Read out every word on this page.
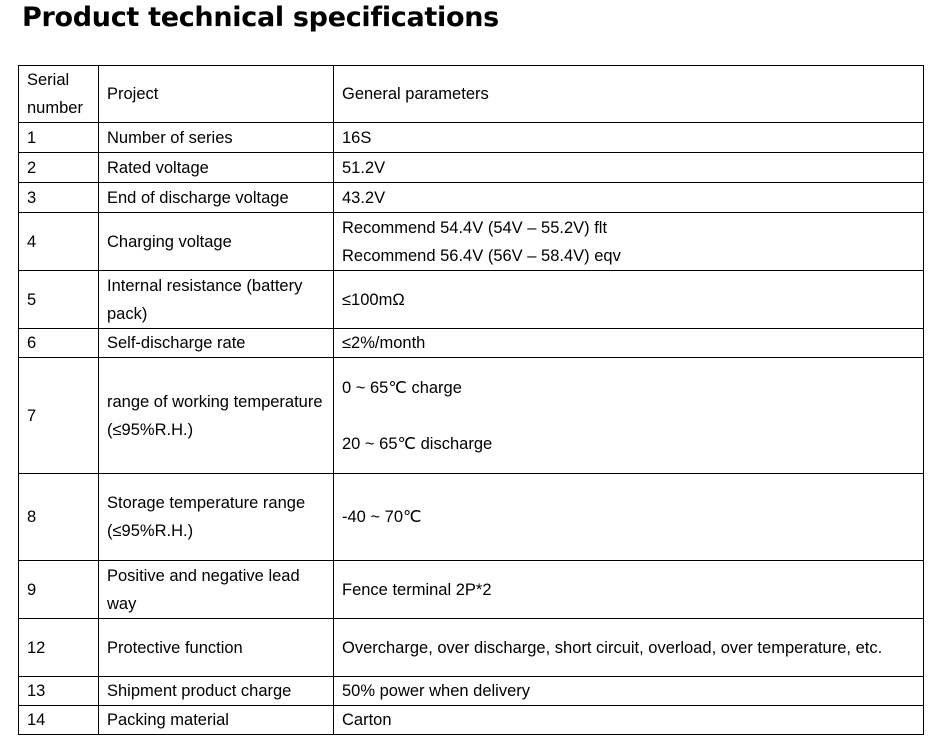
Product technical specifications
Serial
number	Project	General parameters
1	Number of series	16S
2	Rated voltage	51.2V
3	End of discharge voltage	43.2V
4	Charging voltage	Recommend 54.4V (54V – 55.2V) flt
Recommend 56.4V (56V – 58.4V) eqv

5	Internal resistance (battery pack)	≤100mΩ
6	Self-discharge rate	≤2%/month
7	range of working temperature (≤95%R.H.)	0 ~ 65℃ charge
20 ~ 65℃ discharge

8	Storage temperature range (≤95%R.H.)	-40 ~ 70℃
9	Positive and negative lead way	Fence terminal 2P*2
12	Protective function	Overcharge, over discharge, short circuit, overload, over temperature, etc.
13	Shipment product charge	50% power when delivery
14	Packing material	Carton
